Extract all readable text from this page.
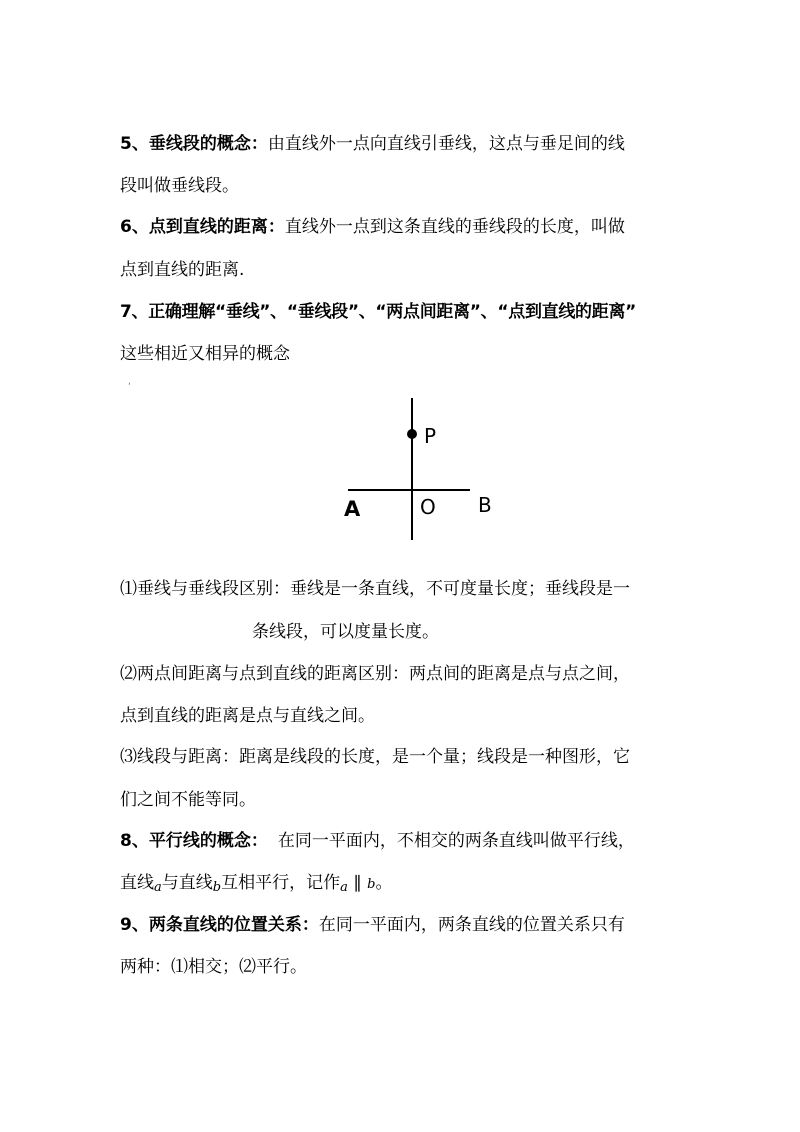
5、垂线段的概念：由直线外一点向直线引垂线，这点与垂足间的线
段叫做垂线段。
6、点到直线的距离：直线外一点到这条直线的垂线段的长度，叫做
点到直线的距离.
7、正确理解“垂线”、“垂线段”、“两点间距离”、“点到直线的距离”
这些相近又相异的概念
‘
P
A	O B
⑴垂线与垂线段区别：垂线是一条直线，不可度量长度；垂线段是一
条线段，可以度量长度。
⑵两点间距离与点到直线的距离区别：两点间的距离是点与点之间，
点到直线的距离是点与直线之间。
⑶线段与距离：距离是线段的长度，是一个量；线段是一种图形，它
们之间不能等同。
8、平行线的概念： 在同一平面内，不相交的两条直线叫做平行线，
直线a与直线b互相平行，记作a ∥ b。
9、两条直线的位置关系：在同一平面内，两条直线的位置关系只有
两种：⑴相交；⑵平行。
